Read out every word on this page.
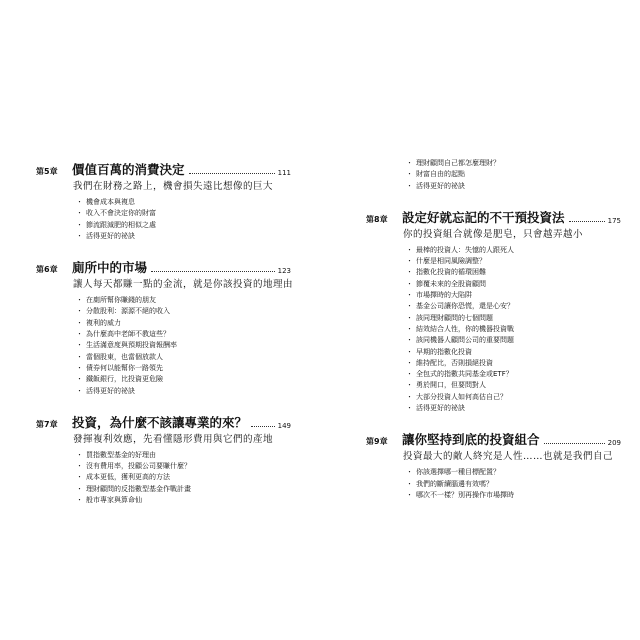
第5章	價值百萬的消費決定	111
我們在財務之路上，機會損失遠比想像的巨大
・ 機會成本與複息
・ 收入不會決定你的財富
・ 節流跟減肥的相似之處
・ 活得更好的祕訣
第6章	廁所中的市場	123
讓人每天都賺一點的金流，就是你該投資的地理由
・ 在廁所幫你賺錢的朋友
・ 分散股利：源源不絕的收入
・ 複利的威力
・ 為什麼高中老師不教這些？
・ 生活滿意度與預期投資報酬率
・ 當個股東，也當個放款人
・ 債券何以能幫你一路領先
・ 鐵飯銀行，比投資更危險
・ 活得更好的祕訣
第7章	投資，為什麼不該讓專業的來？	149
發揮複利效應，先看懂隱形費用與它們的產地
・ 買指數型基金的好理由
・ 沒有費用率，投顧公司要賺什麼？
・ 成本更低，獲利更高的方法
・ 理財顧問的反指數型基金作戰計畫
・ 般市專家與算命仙
・ 理財顧問自己都怎麼理財？
・ 財富自由的起點
・ 活得更好的祕訣
第8章	設定好就忘記的不干預投資法	175
你的投資組合就像是肥皂，只會越弄越小
・ 最棒的投資人：失憶的人跟死人
・ 什麼是相同風險調整？
・ 指數化投資的循環困難
・ 節覆未來的全股資顧問
・ 市場擇時的大陷阱
・ 基金公司讓你恐慌，還是心安？
・ 該同理財顧問的七個問題
・ 結效結合人性，你的機器投資戰
・ 該同機器人顧問公司的重要問題
・ 早期的指數化投資
・ 維持配比，否則損絕投資
・ 全包式的指數共同基金或ETF？
・ 勇於開口，但要問對人
・ 大部分投資人如何高估自己？
・ 活得更好的祕訣
第9章	讓你堅持到底的投資組合	209
投資最大的敵人終究是人性……也就是我們自己
・ 你該選擇哪一種目標配置？
・ 我們的斷續腦邊有效嗎？
・ 哪次不一樣？別再操作市場擇時
